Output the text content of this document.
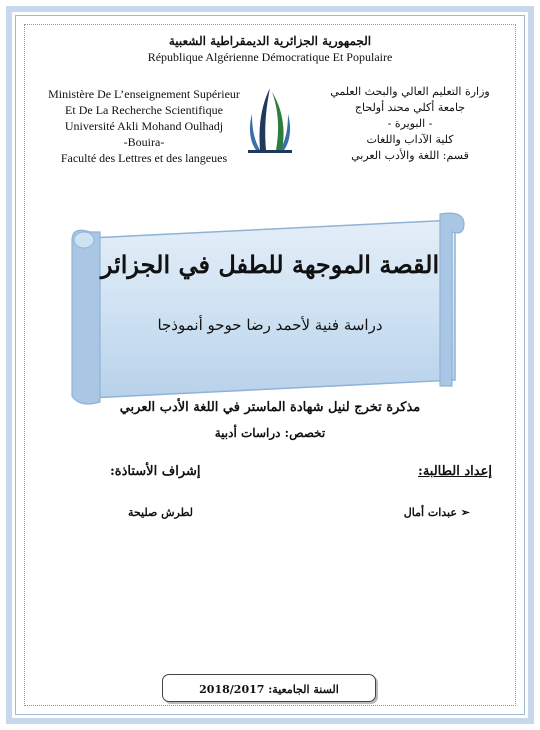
الجمهورية الجزائرية الديمقراطية الشعبية
République Algérienne Démocratique Et Populaire
Ministère De L’enseignement Supérieur
Et De La Recherche Scientifique
Université Akli Mohand Oulhadj
-Bouira-
Faculté des Lettres et des langeues
وزارة التعليم العالي والبحث العلمي
جامعة أكلي محند أولحاج
- البويرة -
كلية الآداب واللغات
قسم: اللغة والأدب العربي
القصة الموجهة للطفل في الجزائر
دراسة فنية لأحمد رضا حوحو أنموذجا
مذكرة تخرج لنيل شهادة الماستر في اللغة الأدب العربي
تخصص: دراسات أدبية
إعداد الطالبة:
إشراف الأستاذة:
➢ عبدات أمال
لطرش صليحة
السنة الجامعية: 2018/2017
